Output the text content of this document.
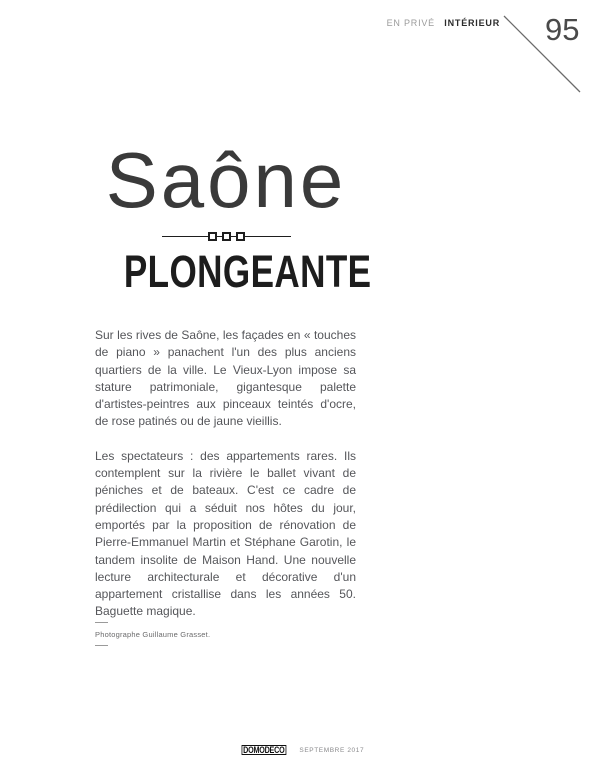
EN PRIVÉ INTÉRIEUR 95
Saône
PLONGEANTE

Sur les rives de Saône, les façades en « touches de piano » panachent l'un des plus anciens quartiers de la ville. Le Vieux-Lyon impose sa stature patrimoniale, gigantesque palette d'artistes-peintres aux pinceaux teintés d'ocre, de rose patinés ou de jaune vieillis.

Les spectateurs : des appartements rares. Ils contemplent sur la rivière le ballet vivant de péniches et de bateaux. C'est ce cadre de prédilection qui a séduit nos hôtes du jour, emportés par la proposition de rénovation de Pierre-Emmanuel Martin et Stéphane Garotin, le tandem insolite de Maison Hand. Une nouvelle lecture architecturale et décorative d'un appartement cristallise dans les années 50. Baguette magique.

Photographe Guillaume Grasset.
DOMODECO SEPTEMBRE 2017
